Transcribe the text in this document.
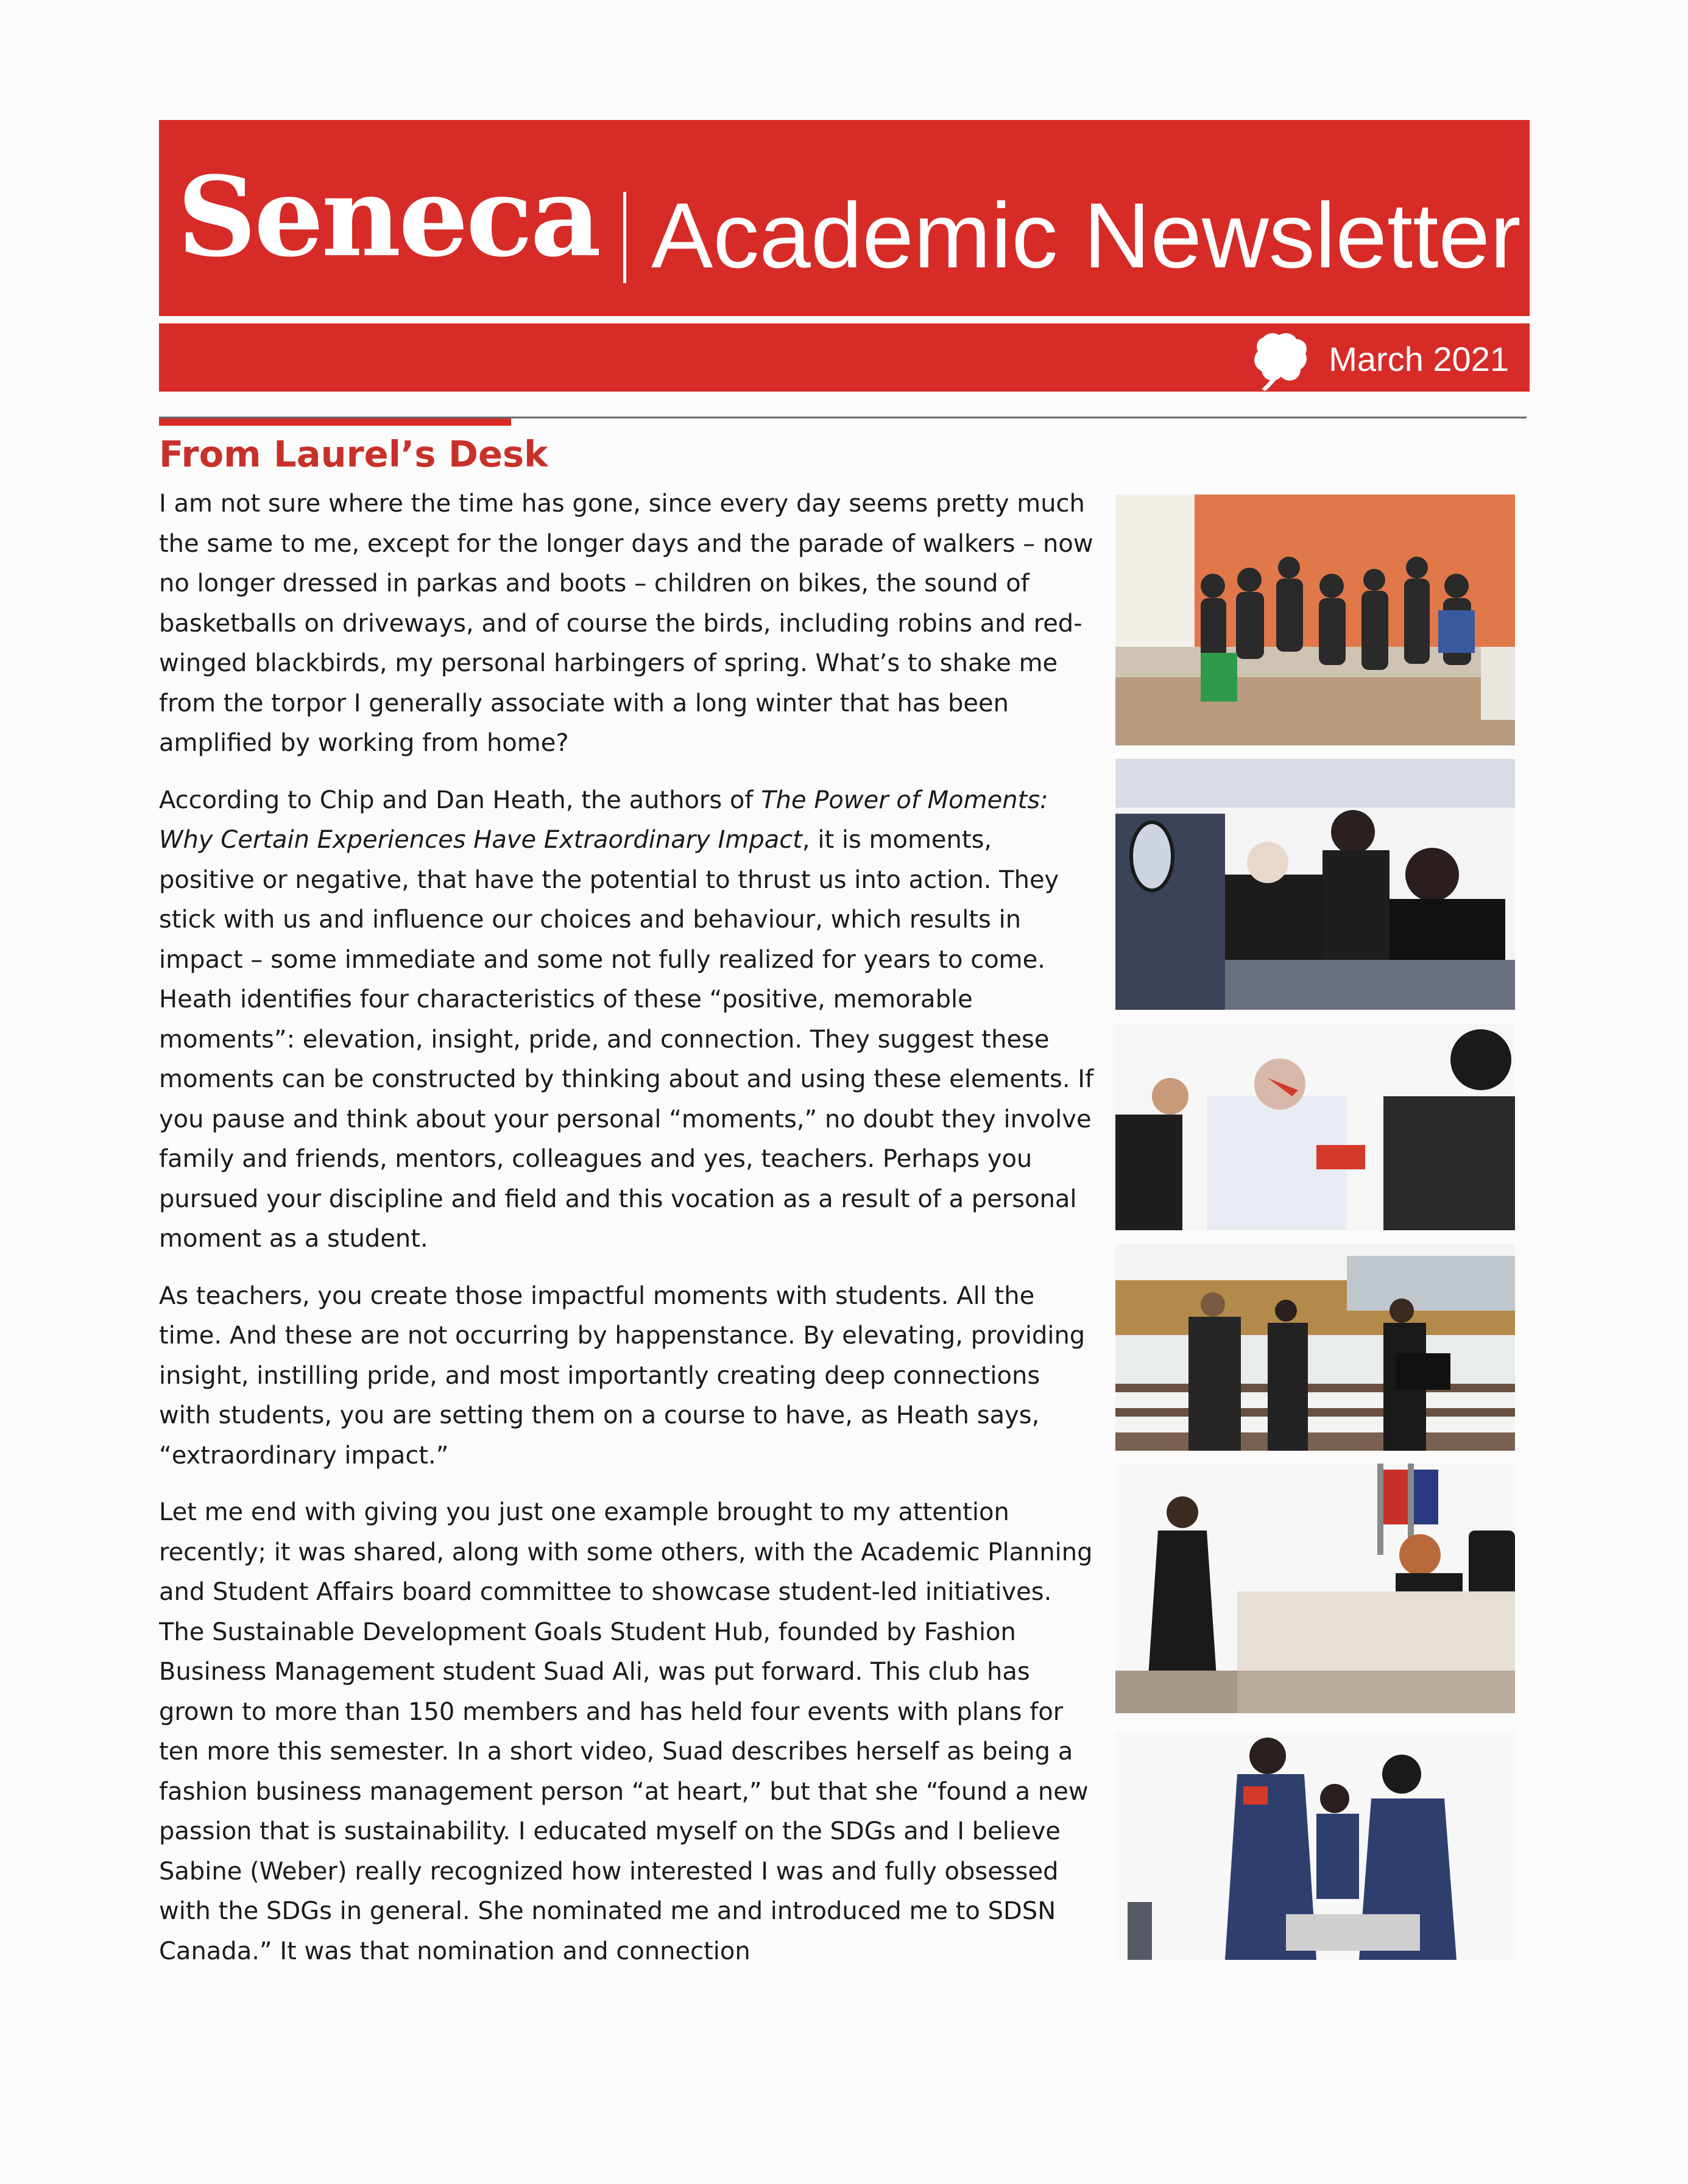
Seneca Academic Newsletter
March 2021
From Laurel’s Desk

I am not sure where the time has gone, since every day seems pretty much the same to me, except for the longer days and the parade of walkers – now no longer dressed in parkas and boots – children on bikes, the sound of basketballs on driveways, and of course the birds, including robins and red-winged blackbirds, my personal harbingers of spring. What’s to shake me from the torpor I generally associate with a long winter that has been amplified by working from home?

According to Chip and Dan Heath, the authors of The Power of Moments: Why Certain Experiences Have Extraordinary Impact, it is moments, positive or negative, that have the potential to thrust us into action. They stick with us and influence our choices and behaviour, which results in impact – some immediate and some not fully realized for years to come. Heath identifies four characteristics of these “positive, memorable moments”: elevation, insight, pride, and connection. They suggest these moments can be constructed by thinking about and using these elements. If you pause and think about your personal “moments,” no doubt they involve family and friends, mentors, colleagues and yes, teachers. Perhaps you pursued your discipline and field and this vocation as a result of a personal moment as a student.

As teachers, you create those impactful moments with students. All the time. And these are not occurring by happenstance. By elevating, providing insight, instilling pride, and most importantly creating deep connections with students, you are setting them on a course to have, as Heath says, “extraordinary impact.”

Let me end with giving you just one example brought to my attention recently; it was shared, along with some others, with the Academic Planning and Student Affairs board committee to showcase student-led initiatives. The Sustainable Development Goals Student Hub, founded by Fashion Business Management student Suad Ali, was put forward. This club has grown to more than 150 members and has held four events with plans for ten more this semester. In a short video, Suad describes herself as being a fashion business management person “at heart,” but that she “found a new passion that is sustainability. I educated myself on the SDGs and I believe Sabine (Weber) really recognized how interested I was and fully obsessed with the SDGs in general. She nominated me and introduced me to SDSN Canada.” It was that nomination and connection
